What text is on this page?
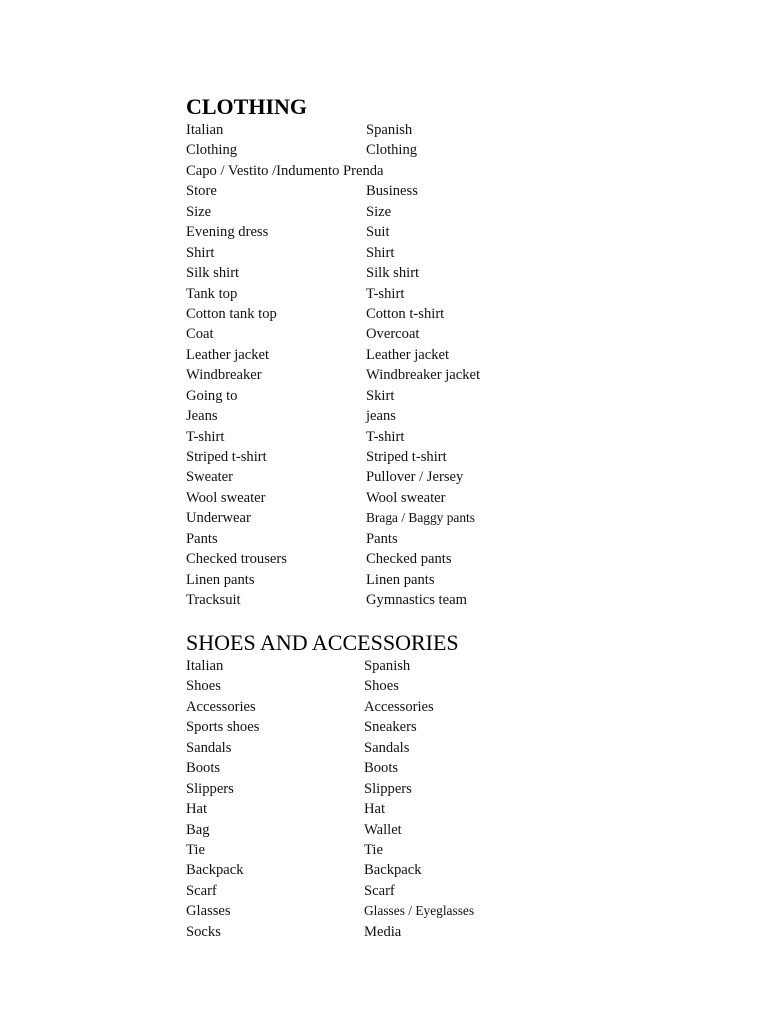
CLOTHING
Italian	Spanish
Clothing	Clothing
Capo / Vestito /Indumento Prenda
Store	Business
Size	Size
Evening dress	Suit
Shirt	Shirt
Silk shirt	Silk shirt
Tank top	T-shirt
Cotton tank top	Cotton t-shirt
Coat	Overcoat
Leather jacket	Leather jacket
Windbreaker	Windbreaker jacket
Going to	Skirt
Jeans	jeans
T-shirt	T-shirt
Striped t-shirt	Striped t-shirt
Sweater	Pullover / Jersey
Wool sweater	Wool sweater
Underwear	Braga / Baggy pants
Pants	Pants
Checked trousers	Checked pants
Linen pants	Linen pants
Tracksuit	Gymnastics team
SHOES AND ACCESSORIES
Italian	Spanish
Shoes	Shoes
Accessories	Accessories
Sports shoes	Sneakers
Sandals	Sandals
Boots	Boots
Slippers	Slippers
Hat	Hat
Bag	Wallet
Tie	Tie
Backpack	Backpack
Scarf	Scarf
Glasses	Glasses / Eyeglasses
Socks	Media
